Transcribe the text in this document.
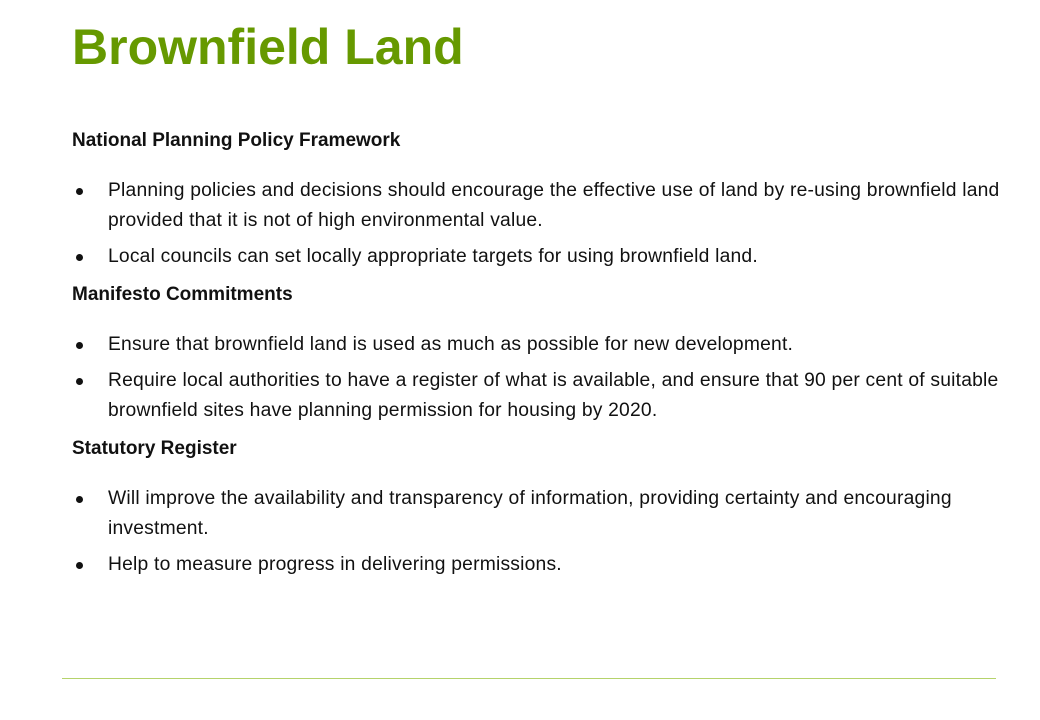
Brownfield Land
National Planning Policy Framework
Planning policies and decisions should encourage the effective use of land by re-using brownfield land provided that it is not of high environmental value.
Local councils can set locally appropriate targets for using brownfield land.
Manifesto Commitments
Ensure that brownfield land is used as much as possible for new development.
Require local authorities to have a register of what is available, and ensure that 90 per cent of suitable brownfield sites have planning permission for housing by 2020.
Statutory Register
Will improve the availability and transparency of information, providing certainty and encouraging investment.
Help to measure progress in delivering permissions.
